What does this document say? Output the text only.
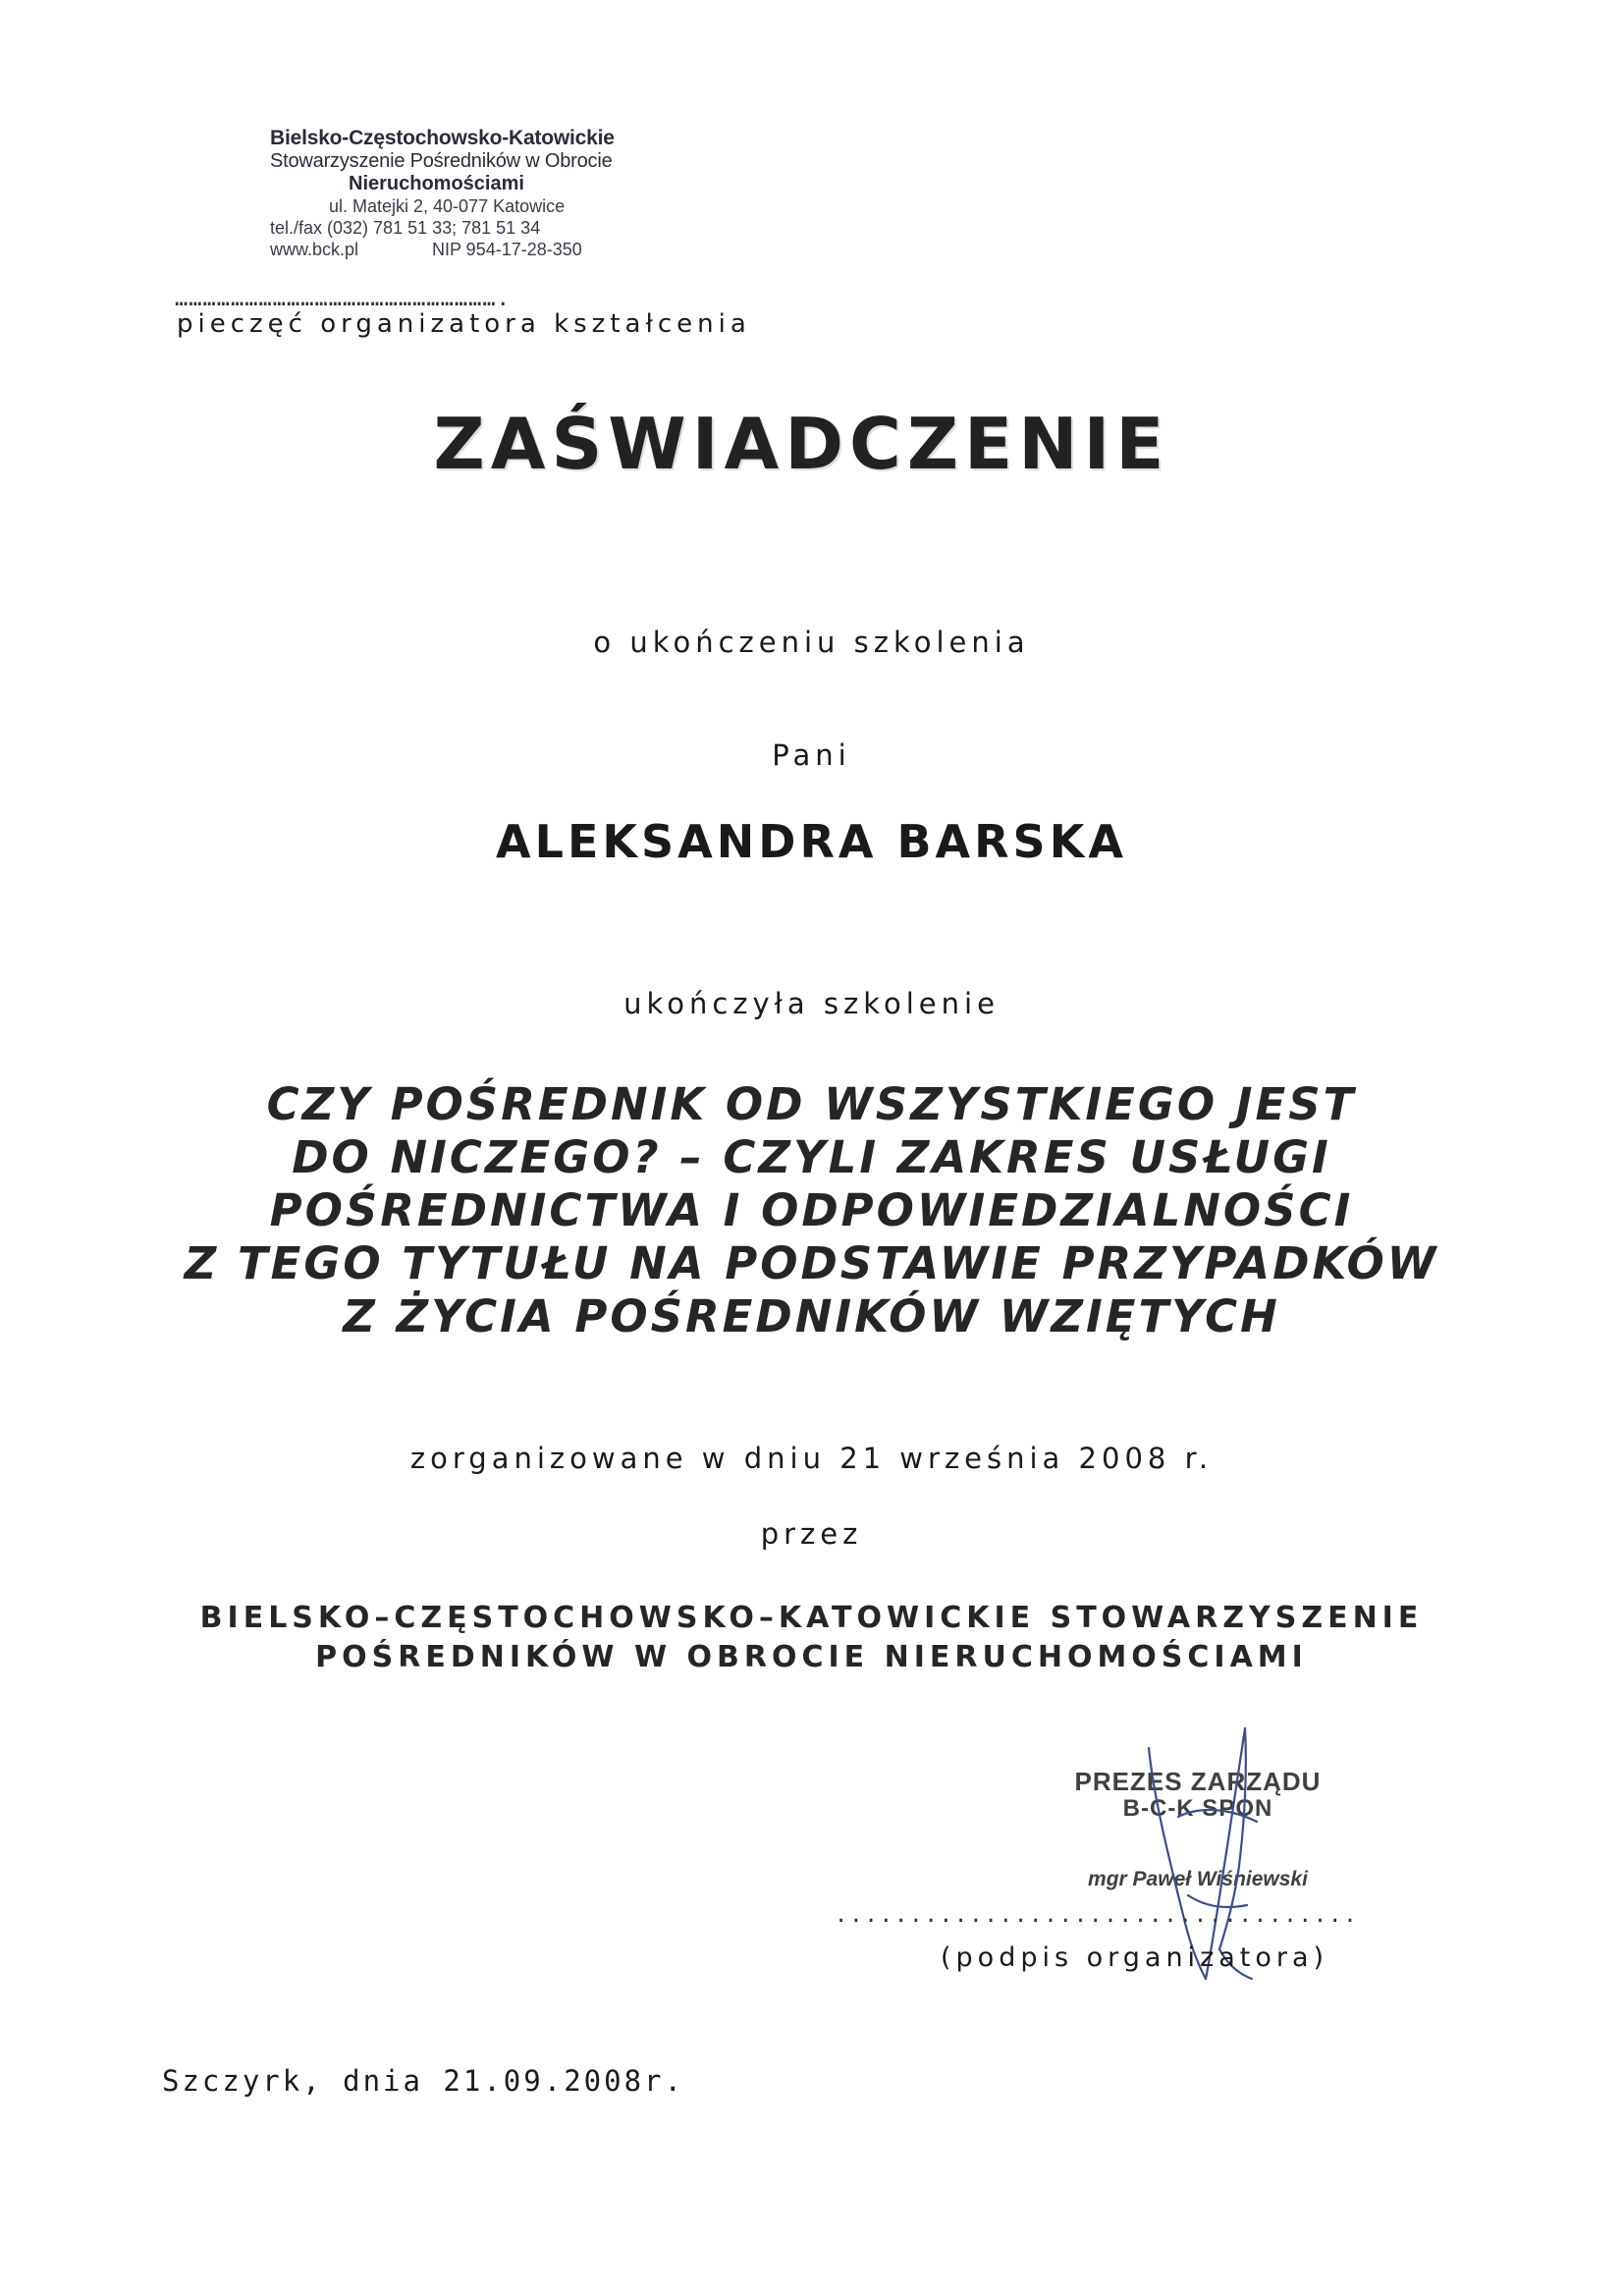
Bielsko-Częstochowsko-Katowickie
Stowarzyszenie Pośredników w Obrocie
Nieruchomościami
ul. Matejki 2, 40-077 Katowice
tel./fax (032) 781 51 33; 781 51 34
www.bck.pl	NIP 954-17-28-350
…………………………………………………………….
pieczęć organizatora kształcenia
ZAŚWIADCZENIE
o ukończeniu szkolenia
Pani
ALEKSANDRA BARSKA
ukończyła szkolenie
CZY POŚREDNIK OD WSZYSTKIEGO JEST
DO NICZEGO? – CZYLI ZAKRES USŁUGI
POŚREDNICTWA I ODPOWIEDZIALNOŚCI
Z TEGO TYTUŁU NA PODSTAWIE PRZYPADKÓW
Z ŻYCIA POŚREDNIKÓW WZIĘTYCH
zorganizowane w dniu 21 września 2008 r.
przez
BIELSKO–CZĘSTOCHOWSKO–KATOWICKIE STOWARZYSZENIE
POŚREDNIKÓW W OBROCIE NIERUCHOMOŚCIAMI
PREZES ZARZĄDU
B-C-K SPON
mgr Paweł Wiśniewski
...................................
(podpis organizatora)
Szczyrk, dnia 21.09.2008r.
